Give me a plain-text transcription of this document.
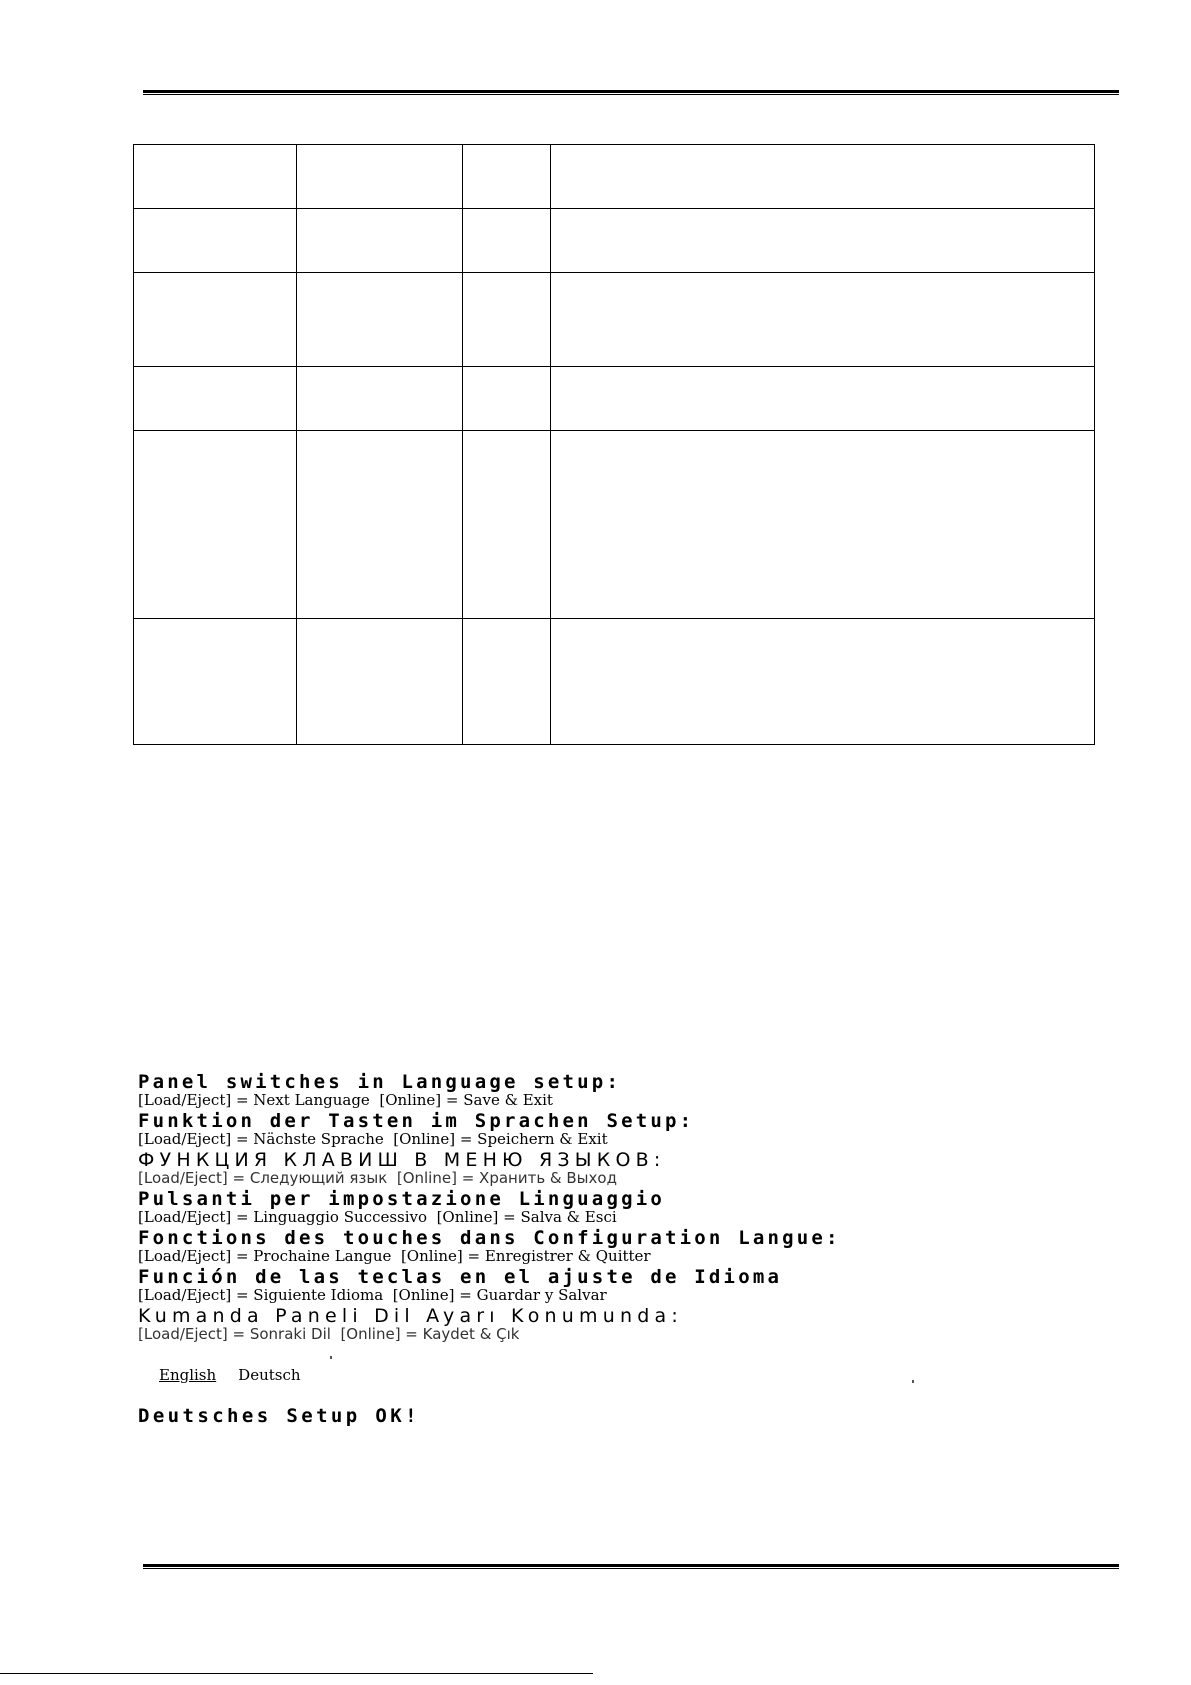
Panel switches in Language setup:
[Load/Eject] = Next Language  [Online] = Save & Exit
Funktion der Tasten im Sprachen Setup:
[Load/Eject] = Nächste Sprache  [Online] = Speichern & Exit
ФУНКЦИЯ КЛАВИШ В МЕНЮ ЯЗЫКОВ:
[Load/Eject] = Следующий язык  [Online] = Хранить & Выход
Pulsanti per impostazione Linguaggio
[Load/Eject] = Linguaggio Successivo  [Online] = Salva & Esci
Fonctions des touches dans Configuration Langue:
[Load/Eject] = Prochaine Langue  [Online] = Enregistrer & Quitter
Función de las teclas en el ajuste de Idioma
[Load/Eject] = Siguiente Idioma  [Online] = Guardar y Salvar
Kumanda Paneli Dil Ayarı Konumunda:
[Load/Eject] = Sonraki Dil  [Online] = Kaydet & Çık
English Deutsch
Deutsches Setup OK!
